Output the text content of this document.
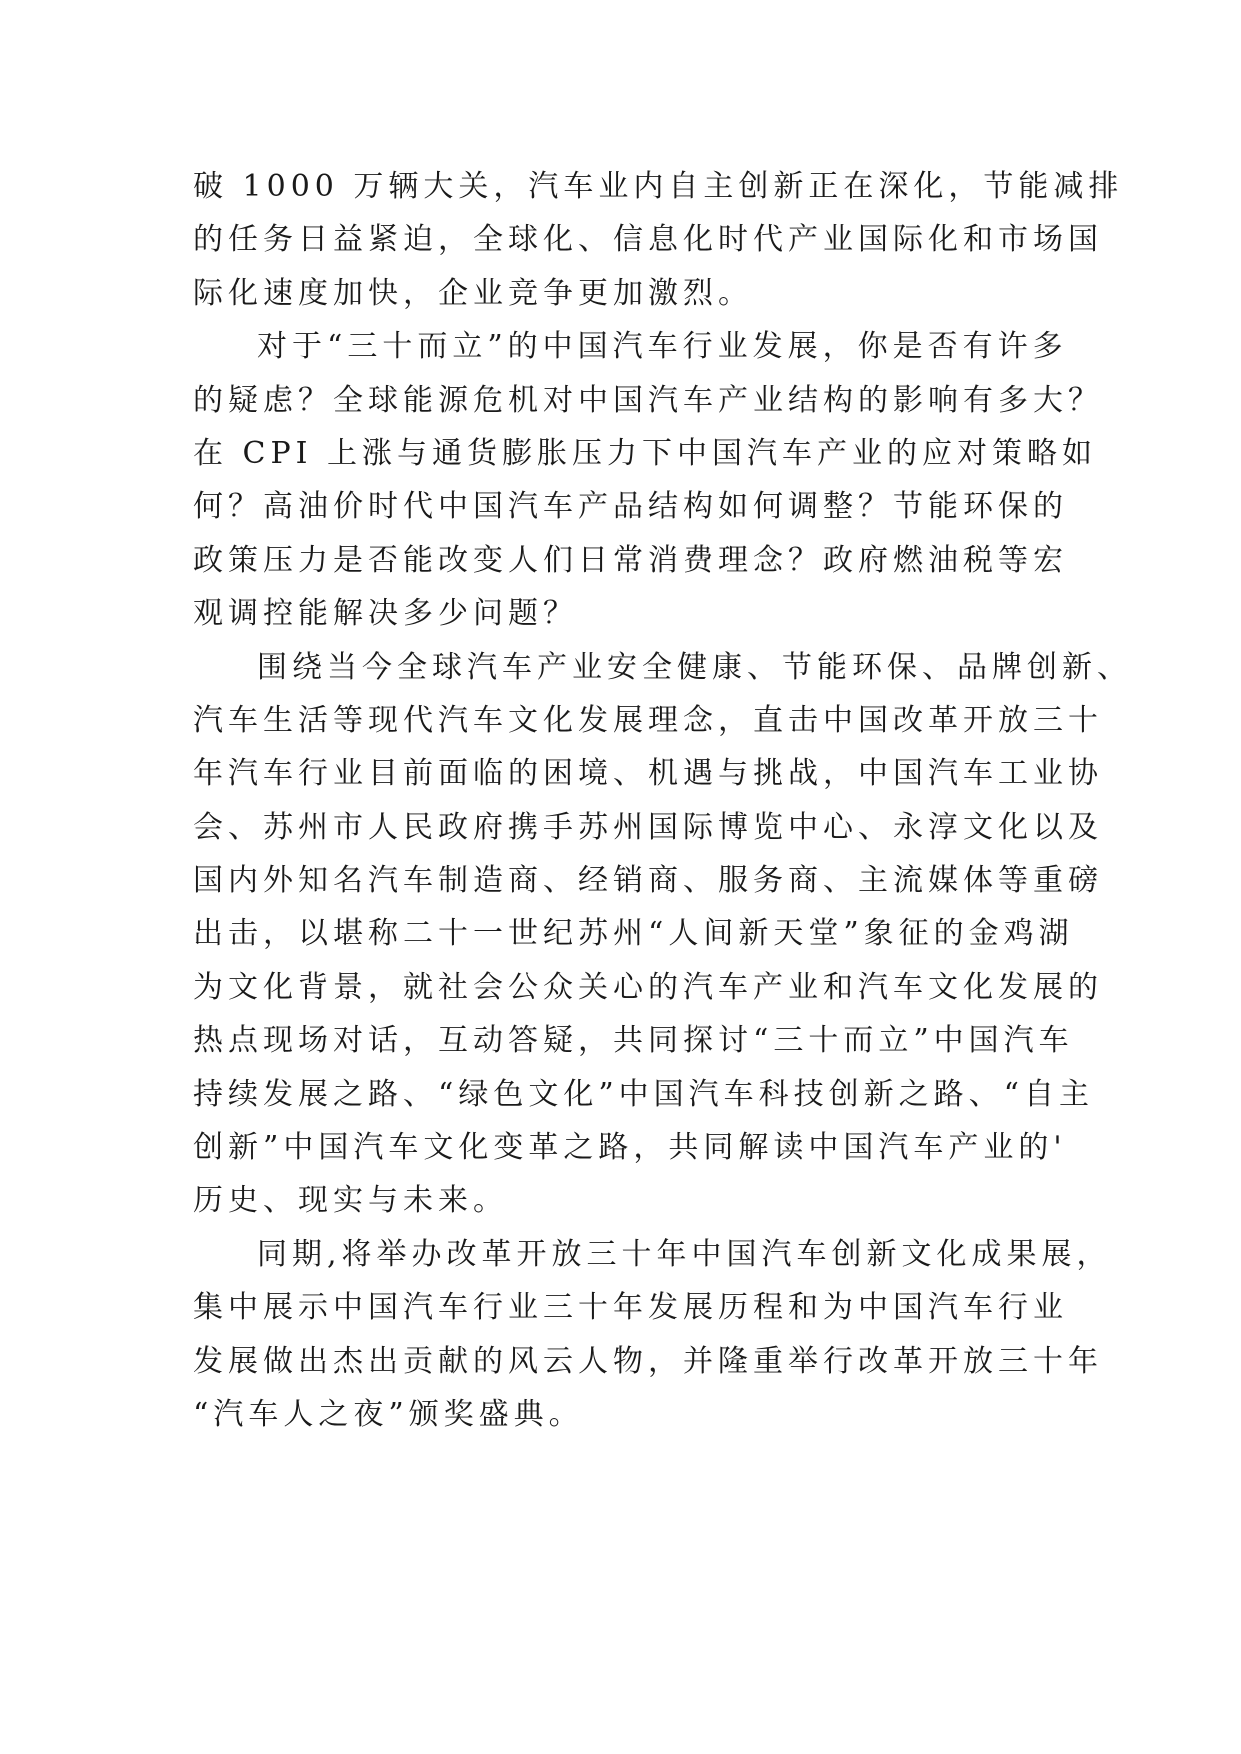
破 1000 万辆大关，汽车业内自主创新正在深化，节能减排
的任务日益紧迫，全球化、信息化时代产业国际化和市场国
际化速度加快，企业竞争更加激烈。
对于“三十而立”的中国汽车行业发展，你是否有许多
的疑虑？全球能源危机对中国汽车产业结构的影响有多大？
在 CPI 上涨与通货膨胀压力下中国汽车产业的应对策略如
何？高油价时代中国汽车产品结构如何调整？节能环保的
政策压力是否能改变人们日常消费理念？政府燃油税等宏
观调控能解决多少问题？
围绕当今全球汽车产业安全健康、节能环保、品牌创新、
汽车生活等现代汽车文化发展理念，直击中国改革开放三十
年汽车行业目前面临的困境、机遇与挑战，中国汽车工业协
会、苏州市人民政府携手苏州国际博览中心、永淳文化以及
国内外知名汽车制造商、经销商、服务商、主流媒体等重磅
出击，以堪称二十一世纪苏州“人间新天堂”象征的金鸡湖
为文化背景，就社会公众关心的汽车产业和汽车文化发展的
热点现场对话，互动答疑，共同探讨“三十而立”中国汽车
持续发展之路、“绿色文化”中国汽车科技创新之路、“自主
创新”中国汽车文化变革之路，共同解读中国汽车产业的'
历史、现实与未来。
同期,将举办改革开放三十年中国汽车创新文化成果展，
集中展示中国汽车行业三十年发展历程和为中国汽车行业
发展做出杰出贡献的风云人物，并隆重举行改革开放三十年
“汽车人之夜”颁奖盛典。
